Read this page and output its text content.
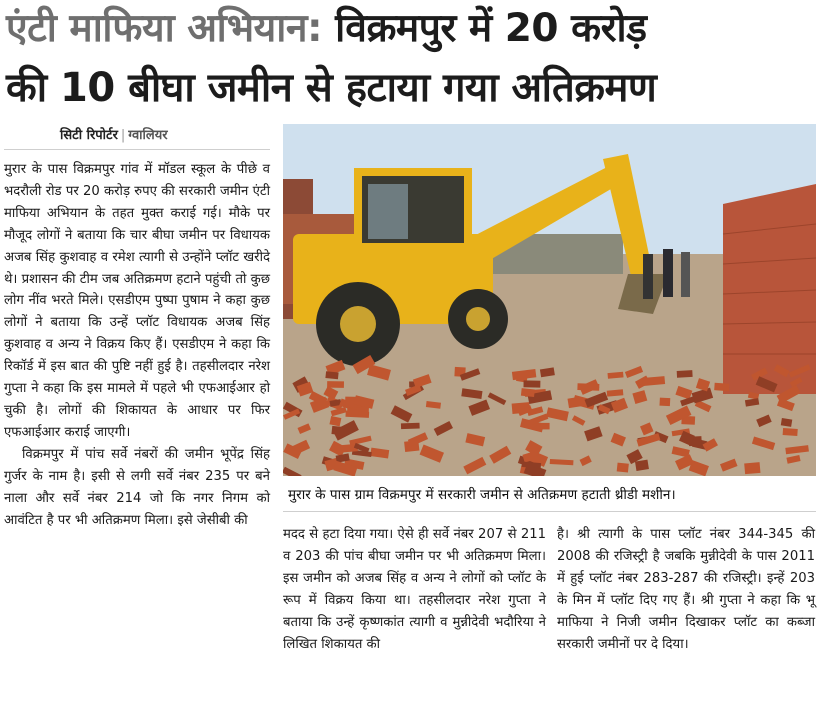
एंटी माफिया अभियान: विक्रमपुर में 20 करोड़
की 10 बीघा जमीन से हटाया गया अतिक्रमण
सिटी रिपोर्टर | ग्वालियर

मुरार के पास विक्रमपुर गांव में मॉडल स्कूल के पीछे व भदरौली रोड पर 20 करोड़ रुपए की सरकारी जमीन एंटी माफिया अभियान के तहत मुक्त कराई गई। मौके पर मौजूद लोगों ने बताया कि चार बीघा जमीन पर विधायक अजब सिंह कुशवाह व रमेश त्यागी से उन्होंने प्लॉट खरीदे थे। प्रशासन की टीम जब अतिक्रमण हटाने पहुंची तो कुछ लोग नींव भरते मिले। एसडीएम पुष्पा पुषाम ने कहा कुछ लोगों ने बताया कि उन्हें प्लॉट विधायक अजब सिंह कुशवाह व अन्य ने विक्रय किए हैं। एसडीएम ने कहा कि रिकॉर्ड में इस बात की पुष्टि नहीं हुई है। तहसीलदार नरेश गुप्ता ने कहा कि इस मामले में पहले भी एफआईआर हो चुकी है। लोगों की शिकायत के आधार पर फिर एफआईआर कराई जाएगी।

विक्रमपुर में पांच सर्वे नंबरों की जमीन भूपेंद्र सिंह गुर्जर के नाम है। इसी से लगी सर्वे नंबर 235 पर बने नाला और सर्वे नंबर 214 जो कि नगर निगम को आवंटित है पर भी अतिक्रमण मिला। इसे जेसीबी की

मुरार के पास ग्राम विक्रमपुर में सरकारी जमीन से अतिक्रमण हटाती थ्रीडी मशीन।

मदद से हटा दिया गया। ऐसे ही सर्वे नंबर 207 से 211 व 203 की पांच बीघा जमीन पर भी अतिक्रमण मिला। इस जमीन को अजब सिंह व अन्य ने लोगों को प्लॉट के रूप में विक्रय किया था। तहसीलदार नरेश गुप्ता ने बताया कि उन्हें कृष्णकांत त्यागी व मुन्नीदेवी भदौरिया ने लिखित शिकायत की

है। श्री त्यागी के पास प्लॉट नंबर 344-345 की 2008 की रजिस्ट्री है जबकि मुन्नीदेवी के पास 2011 में हुई प्लॉट नंबर 283-287 की रजिस्ट्री। इन्हें 203 के मिन में प्लॉट दिए गए हैं। श्री गुप्ता ने कहा कि भू माफिया ने निजी जमीन दिखाकर प्लॉट का कब्जा सरकारी जमीनों पर दे दिया।
